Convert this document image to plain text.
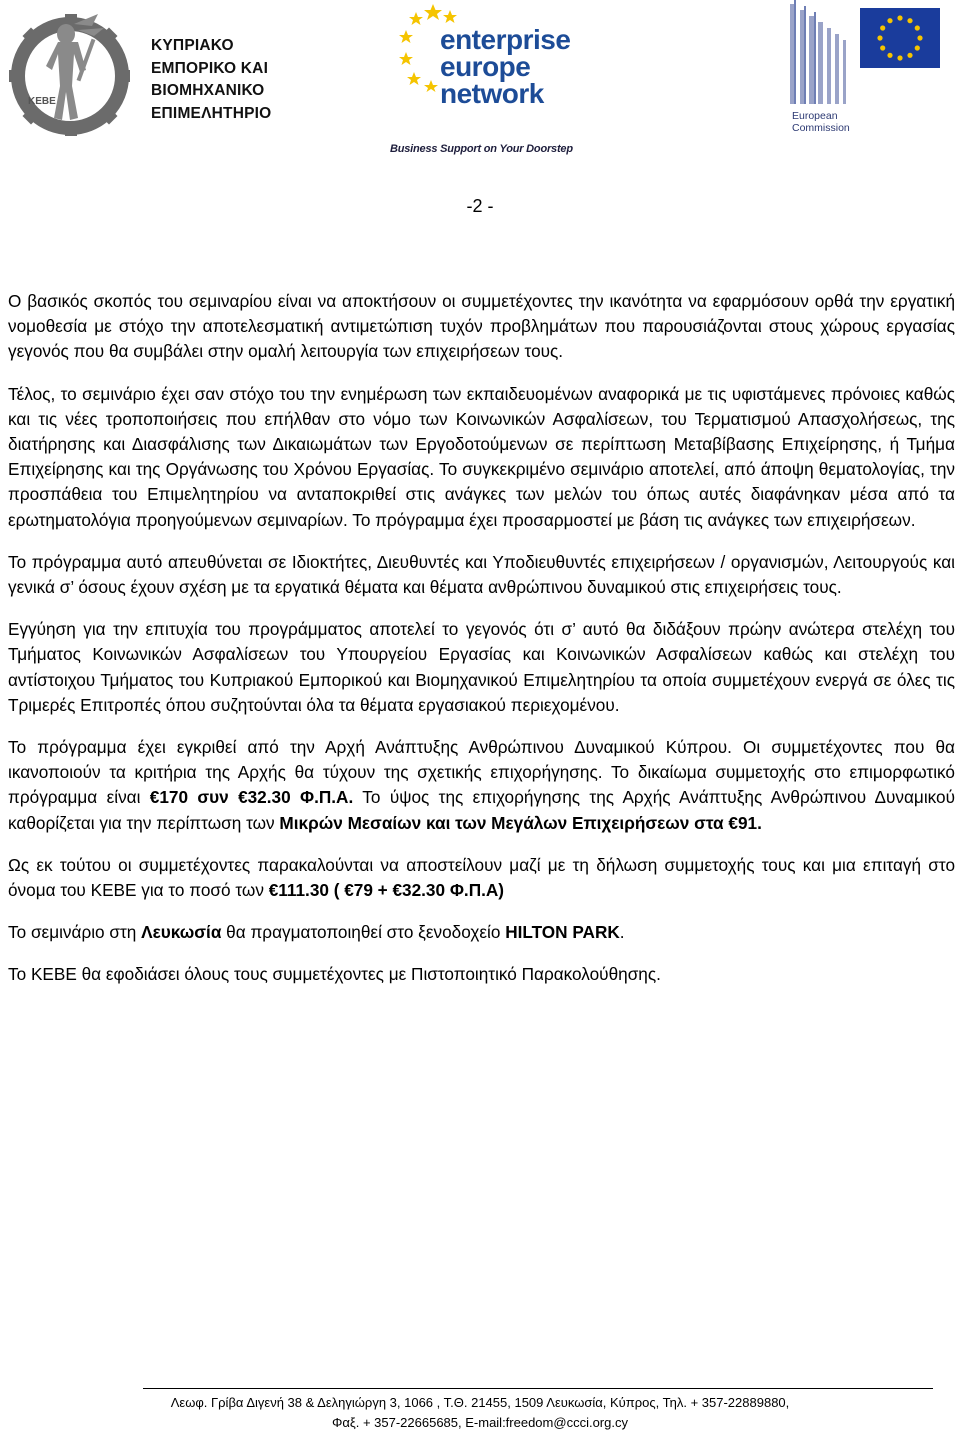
ΚΕΒΕ
ΚΥΠΡΙΑΚΟ
ΕΜΠΟΡΙΚΟ ΚΑΙ
ΒΙΟΜΗΧΑΝΙΚΟ
ΕΠΙΜΕΛΗΤΗΡΙΟ
enterprise
europe
network
Business Support on Your Doorstep
European
Commission
-2 -

Ο βασικός σκοπός του σεμιναρίου είναι να αποκτήσουν οι συμμετέχοντες την ικανότητα να εφαρμόσουν ορθά την εργατική νομοθεσία με στόχο την αποτελεσματική αντιμετώπιση τυχόν προβλημάτων που παρουσιάζονται στους χώρους εργασίας γεγονός που θα συμβάλει στην ομαλή λειτουργία των επιχειρήσεων τους.

Τέλος, το σεμινάριο έχει σαν στόχο του την ενημέρωση των εκπαιδευομένων αναφορικά με τις υφιστάμενες πρόνοιες καθώς και τις νέες τροποποιήσεις που επήλθαν στο νόμο των Κοινωνικών Ασφαλίσεων, του Τερματισμού Απασχολήσεως, της διατήρησης και Διασφάλισης των Δικαιωμάτων των Εργοδοτούμενων σε περίπτωση Μεταβίβασης Επιχείρησης, ή Τμήμα Επιχείρησης και της Οργάνωσης του Χρόνου Εργασίας. Το συγκεκριμένο σεμινάριο αποτελεί, από άποψη θεματολογίας, την προσπάθεια του Επιμελητηρίου να ανταποκριθεί στις ανάγκες των μελών του όπως αυτές διαφάνηκαν μέσα από τα ερωτηματολόγια προηγούμενων σεμιναρίων. Το πρόγραμμα έχει προσαρμοστεί με βάση τις ανάγκες των επιχειρήσεων.

Το πρόγραμμα αυτό απευθύνεται σε Ιδιοκτήτες, Διευθυντές και Υποδιευθυντές επιχειρήσεων / οργανισμών, Λειτουργούς και γενικά σ’ όσους έχουν σχέση με τα εργατικά θέματα και θέματα ανθρώπινου δυναμικού στις επιχειρήσεις τους.

Εγγύηση για την επιτυχία του προγράμματος αποτελεί το γεγονός ότι σ’ αυτό θα διδάξουν πρώην ανώτερα στελέχη του Τμήματος Κοινωνικών Ασφαλίσεων του Υπουργείου Εργασίας και Κοινωνικών Ασφαλίσεων καθώς και στελέχη του αντίστοιχου Τμήματος του Κυπριακού Εμπορικού και Βιομηχανικού Επιμελητηρίου τα οποία συμμετέχουν ενεργά σε όλες τις Τριμερές Επιτροπές όπου συζητούνται όλα τα θέματα εργασιακού περιεχομένου.

Το πρόγραμμα έχει εγκριθεί από την Αρχή Ανάπτυξης Ανθρώπινου Δυναμικού Κύπρου. Οι συμμετέχοντες που θα ικανοποιούν τα κριτήρια της Αρχής θα τύχουν της σχετικής επιχορήγησης. Το δικαίωμα συμμετοχής στο επιμορφωτικό πρόγραμμα είναι €170 συν €32.30 Φ.Π.Α. Το ύψος της επιχορήγησης της Αρχής Ανάπτυξης Ανθρώπινου Δυναμικού καθορίζεται για την περίπτωση των Μικρών Μεσαίων και των Μεγάλων Επιχειρήσεων στα €91.

Ως εκ τούτου οι συμμετέχοντες παρακαλούνται να αποστείλουν μαζί με τη δήλωση συμμετοχής τους και μια επιταγή στο όνομα του ΚΕΒΕ για το ποσό των €111.30 ( €79 + €32.30 Φ.Π.Α)

Το σεμινάριο στη Λευκωσία θα πραγματοποιηθεί στο ξενοδοχείο HILTON PARK.

Το ΚΕΒΕ θα εφοδιάσει όλους τους συμμετέχοντες με Πιστοποιητικό Παρακολούθησης.

Λεωφ. Γρίβα Διγενή 38 & Δεληγιώργη 3, 1066 , Τ.Θ. 21455, 1509 Λευκωσία, Κύπρος, Τηλ. + 357-22889880,
Φαξ. + 357-22665685, E-mail:freedom@ccci.org.cy
